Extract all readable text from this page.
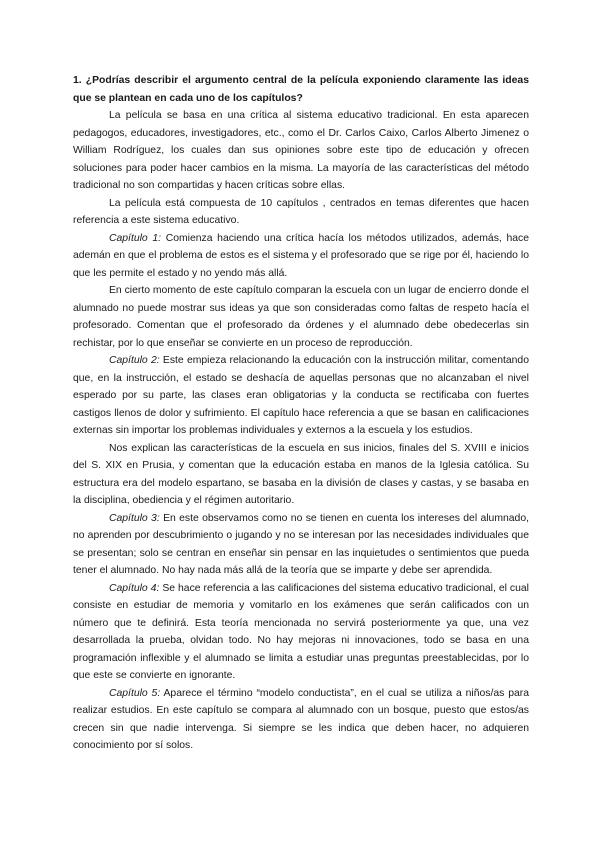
1. ¿Podrías describir el argumento central de la película exponiendo claramente las ideas que se plantean en cada uno de los capítulos?

La película se basa en una crítica al sistema educativo tradicional. En esta aparecen pedagogos, educadores, investigadores, etc., como el Dr. Carlos Caixo, Carlos Alberto Jimenez o William Rodríguez, los cuales dan sus opiniones sobre este tipo de educación y ofrecen soluciones para poder hacer cambios en la misma. La mayoría de las características del método tradicional no son compartidas y hacen críticas sobre ellas.

La película está compuesta de 10 capítulos , centrados en temas diferentes que hacen referencia a este sistema educativo.

Capítulo 1: Comienza haciendo una crítica hacía los métodos utilizados, además, hace ademán en que el problema de estos es el sistema y el profesorado que se rige por él, haciendo lo que les permite el estado y no yendo más allá.

En cierto momento de este capítulo comparan la escuela con un lugar de encierro donde el alumnado no puede mostrar sus ideas ya que son consideradas como faltas de respeto hacía el profesorado. Comentan que el profesorado da órdenes y el alumnado debe obedecerlas sin rechistar, por lo que enseñar se convierte en un proceso de reproducción.

Capítulo 2: Este empieza relacionando la educación con la instrucción militar, comentando que, en la instrucción, el estado se deshacía de aquellas personas que no alcanzaban el nivel esperado por su parte, las clases eran obligatorias y la conducta se rectificaba con fuertes castigos llenos de dolor y sufrimiento. El capítulo hace referencia a que se basan en calificaciones externas sin importar los problemas individuales y externos a la escuela y los estudios.

Nos explican las características de la escuela en sus inicios, finales del S. XVIII e inicios del S. XIX en Prusia, y comentan que la educación estaba en manos de la Iglesia católica. Su estructura era del modelo espartano, se basaba en la división de clases y castas, y se basaba en la disciplina, obediencia y el régimen autoritario.

Capítulo 3: En este observamos como no se tienen en cuenta los intereses del alumnado, no aprenden por descubrimiento o jugando y no se interesan por las necesidades individuales que se presentan; solo se centran en enseñar sin pensar en las inquietudes o sentimientos que pueda tener el alumnado. No hay nada más allá de la teoría que se imparte y debe ser aprendida.

Capítulo 4: Se hace referencia a las calificaciones del sistema educativo tradicional, el cual consiste en estudiar de memoria y vomitarlo en los exámenes que serán calificados con un número que te definirá. Esta teoría mencionada no servirá posteriormente ya que, una vez desarrollada la prueba, olvidan todo. No hay mejoras ni innovaciones, todo se basa en una programación inflexible y el alumnado se limita a estudiar unas preguntas preestablecidas, por lo que este se convierte en ignorante.

Capítulo 5: Aparece el término “modelo conductista”, en el cual se utiliza a niños/as para realizar estudios. En este capítulo se compara al alumnado con un bosque, puesto que estos/as crecen sin que nadie intervenga. Si siempre se les indica que deben hacer, no adquieren conocimiento por sí solos.
